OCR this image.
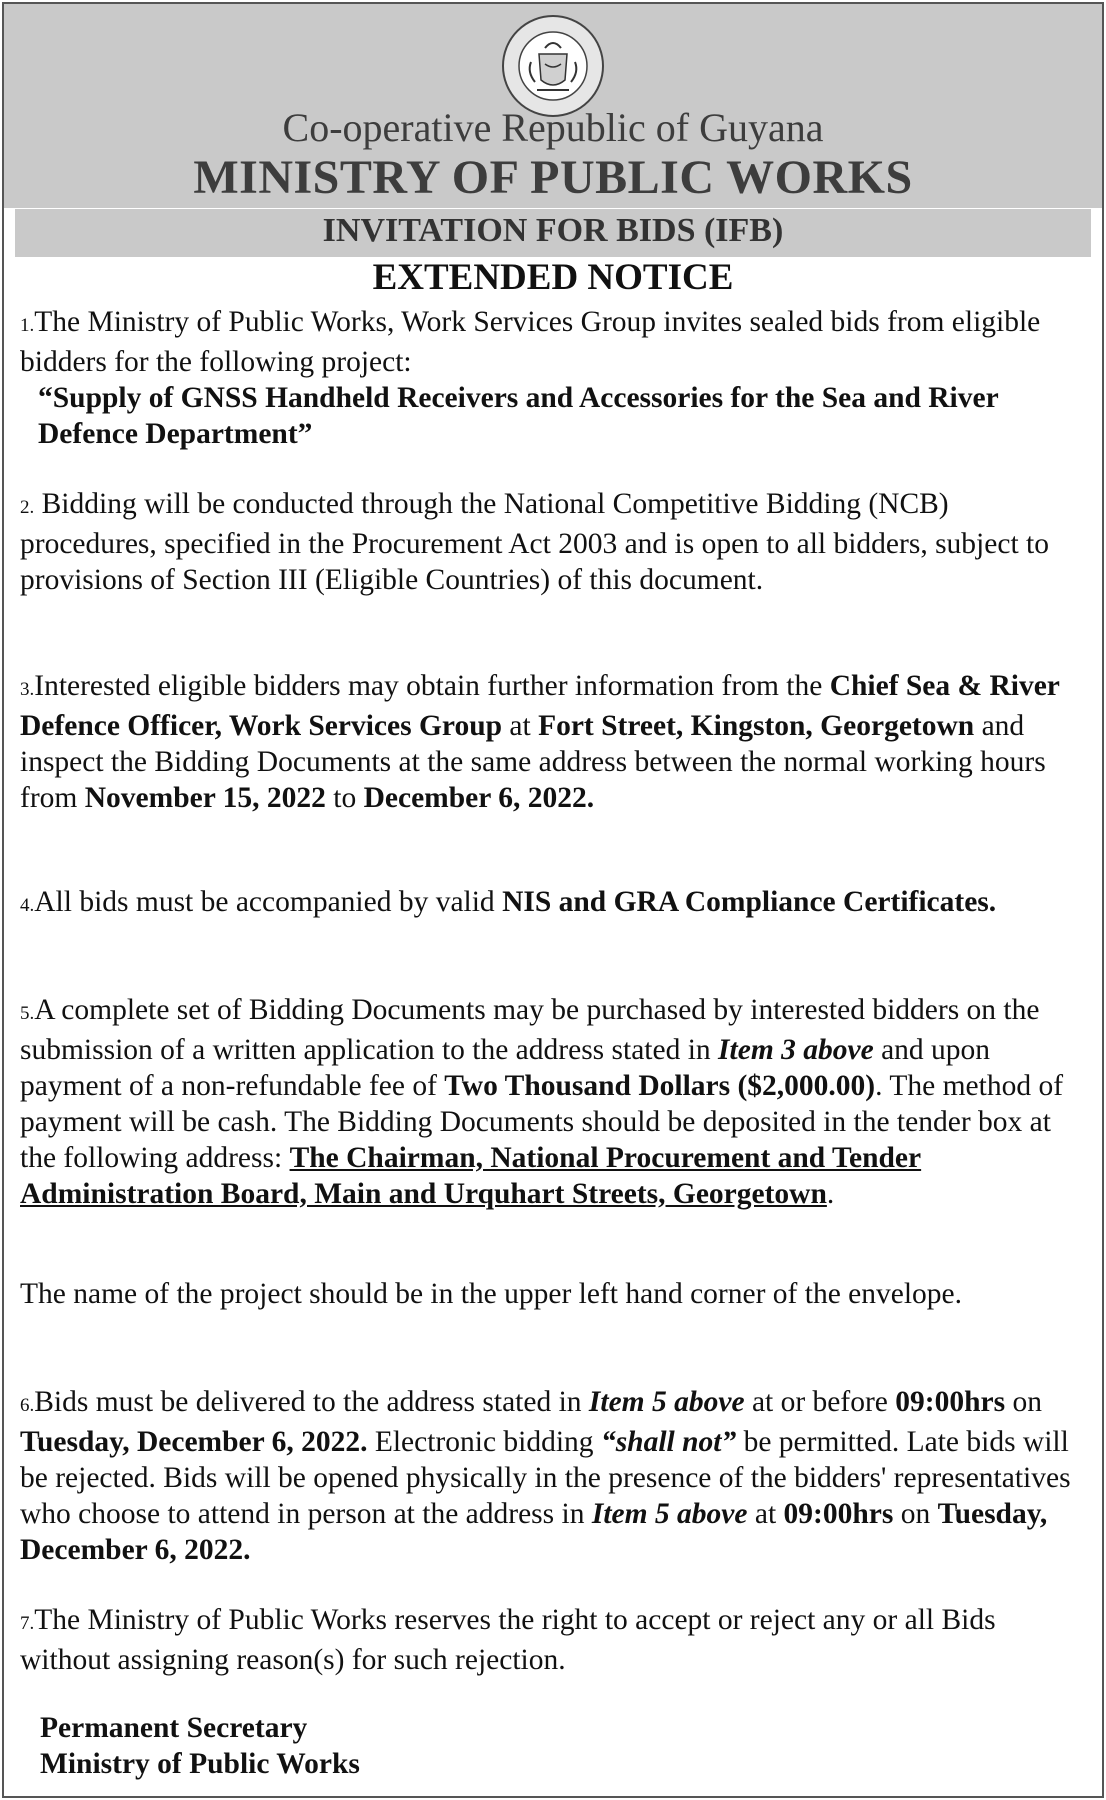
Co-operative Republic of Guyana
MINISTRY OF PUBLIC WORKS
INVITATION FOR BIDS (IFB)
EXTENDED NOTICE
1.The Ministry of Public Works, Work Services Group invites sealed bids from eligible bidders for the following project:
“Supply of GNSS Handheld Receivers and Accessories for the Sea and River Defence Department”
2. Bidding will be conducted through the National Competitive Bidding (NCB) procedures, specified in the Procurement Act 2003 and is open to all bidders, subject to provisions of Section III (Eligible Countries) of this document.
3.Interested eligible bidders may obtain further information from the Chief Sea & River Defence Officer, Work Services Group at Fort Street, Kingston, Georgetown and inspect the Bidding Documents at the same address between the normal working hours from November 15, 2022 to December 6, 2022.
4.All bids must be accompanied by valid NIS and GRA Compliance Certificates.
5.A complete set of Bidding Documents may be purchased by interested bidders on the submission of a written application to the address stated in Item 3 above and upon payment of a non-refundable fee of Two Thousand Dollars ($2,000.00). The method of payment will be cash. The Bidding Documents should be deposited in the tender box at the following address: The Chairman, National Procurement and Tender Administration Board, Main and Urquhart Streets, Georgetown.
The name of the project should be in the upper left hand corner of the envelope.
6.Bids must be delivered to the address stated in Item 5 above at or before 09:00hrs on Tuesday, December 6, 2022. Electronic bidding “shall not” be permitted. Late bids will be rejected. Bids will be opened physically in the presence of the bidders' representatives who choose to attend in person at the address in Item 5 above at 09:00hrs on Tuesday, December 6, 2022.
7.The Ministry of Public Works reserves the right to accept or reject any or all Bids without assigning reason(s) for such rejection.
Permanent Secretary
Ministry of Public Works
